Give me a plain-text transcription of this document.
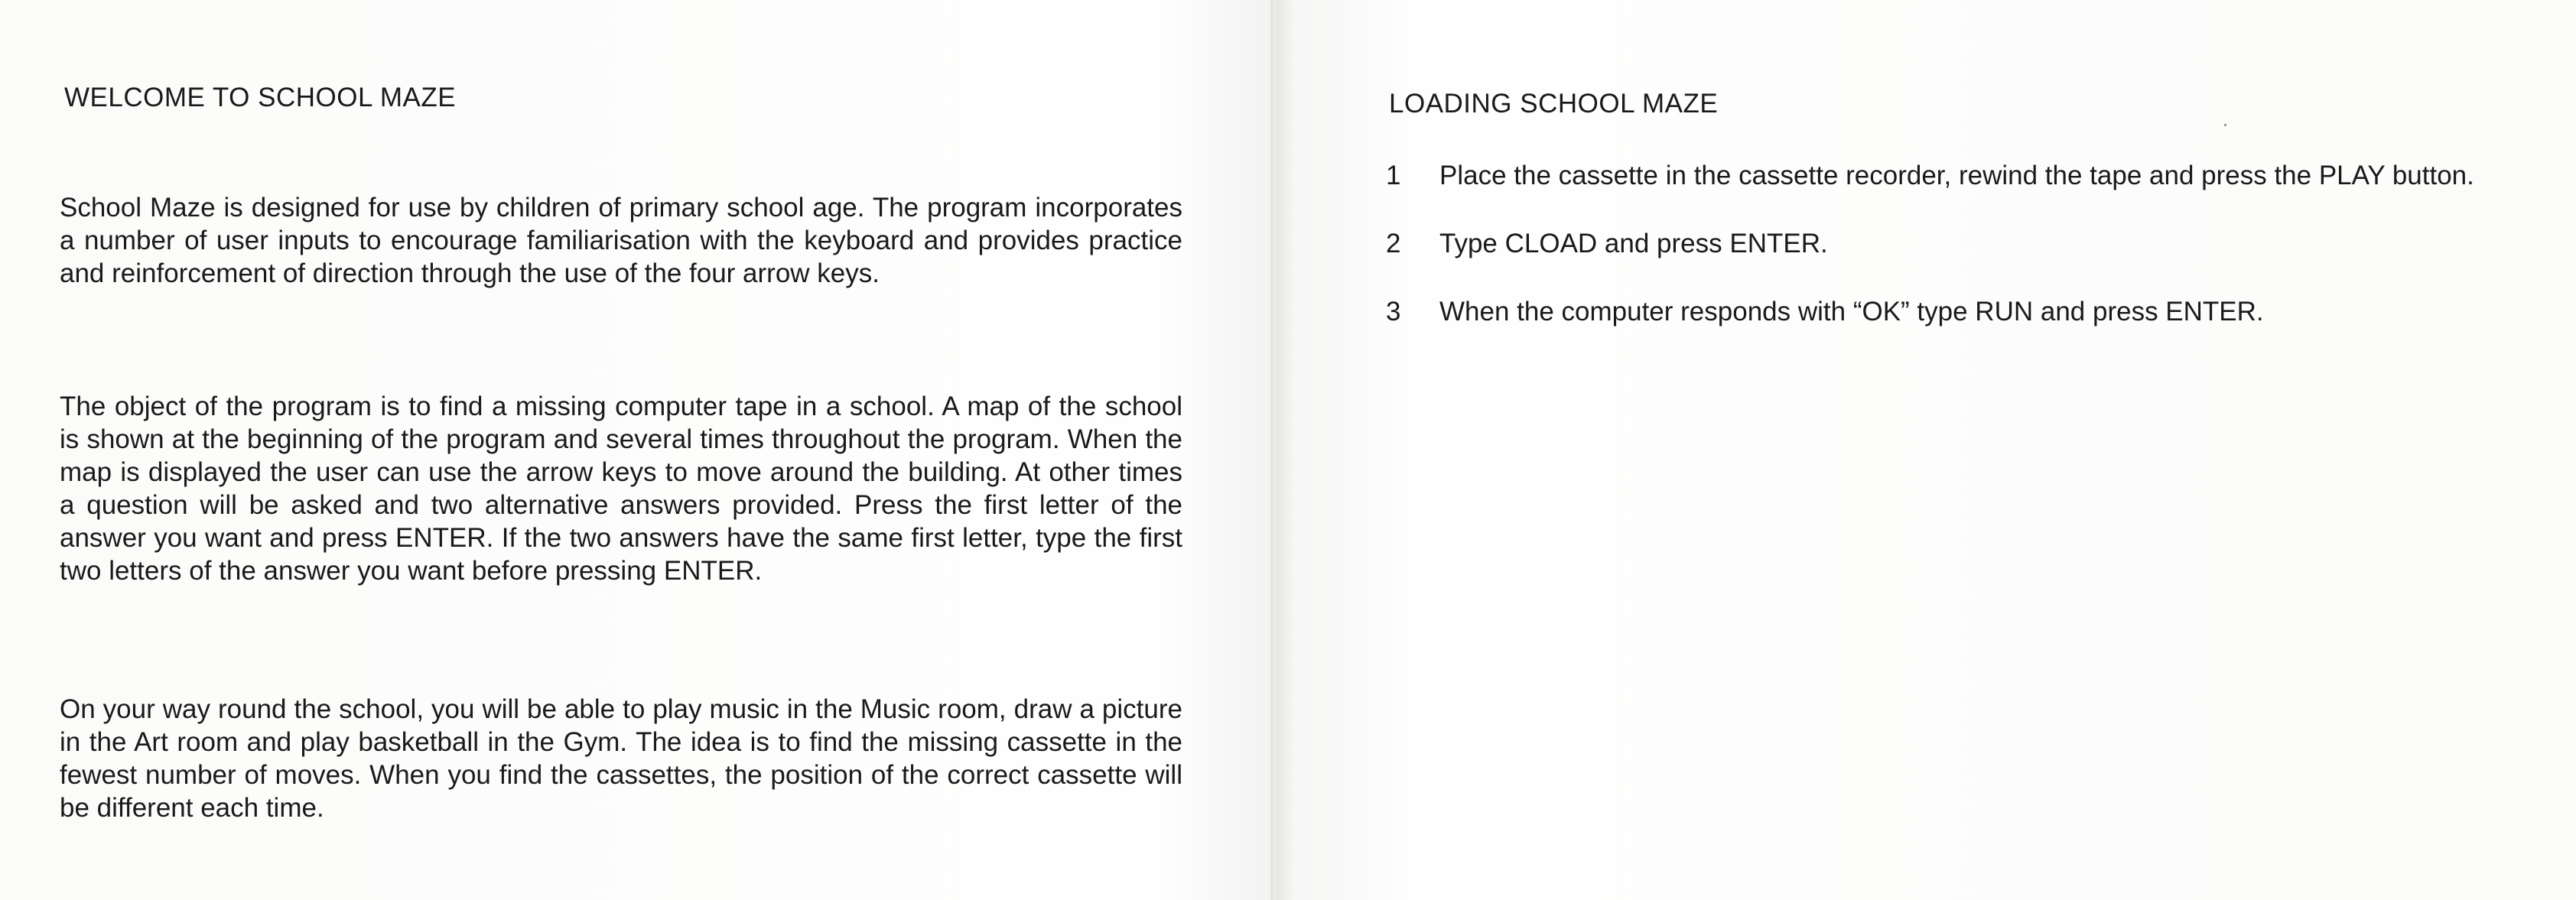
WELCOME TO SCHOOL MAZE

School Maze is designed for use by children of primary school age. The program incorporates a number of user inputs to encourage familiarisation with the keyboard and provides practice and reinforcement of direction through the use of the four arrow keys.

The object of the program is to find a missing computer tape in a school. A map of the school is shown at the beginning of the program and several times throughout the program. When the map is displayed the user can use the arrow keys to move around the building. At other times a question will be asked and two alternative answers provided. Press the first letter of the answer you want and press ENTER. If the two answers have the same first letter, type the first two letters of the answer you want before pressing ENTER.

On your way round the school, you will be able to play music in the Music room, draw a picture in the Art room and play basketball in the Gym. The idea is to find the missing cassette in the fewest number of moves. When you find the cassettes, the position of the correct cassette will be different each time.

LOADING SCHOOL MAZE
1	Place the cassette in the cassette recorder, rewind the tape and press the PLAY button.
2	Type CLOAD and press ENTER.
3	When the computer responds with “OK” type RUN and press ENTER.
